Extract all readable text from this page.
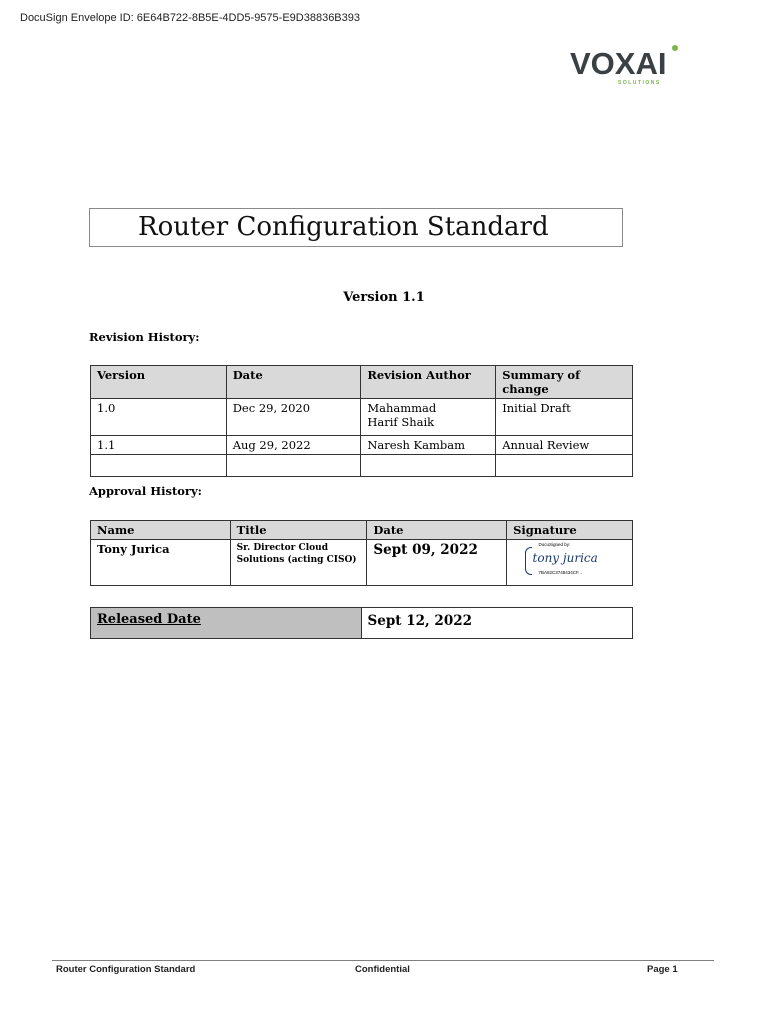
DocuSign Envelope ID: 6E64B722-8B5E-4DD5-9575-E9D38836B393
VOXAI
SOLUTIONS
Router Configuration Standard
Version 1.1
Revision History:
Version	Date	Revision Author	Summary of change
1.0	Dec 29, 2020	Mahammad Harif Shaik	Initial Draft
1.1	Aug 29, 2022	Naresh Kambam	Annual Review

Approval History:
Name	Title	Date	Signature
Tony Jurica	Sr. Director Cloud Solutions (acting CISO)	Sept 09, 2022	DocuSigned by:
tony jurica
7BA82C3748434CF...
Released Date	Sept 12, 2022
Router Configuration Standard	Confidential	Page 1
